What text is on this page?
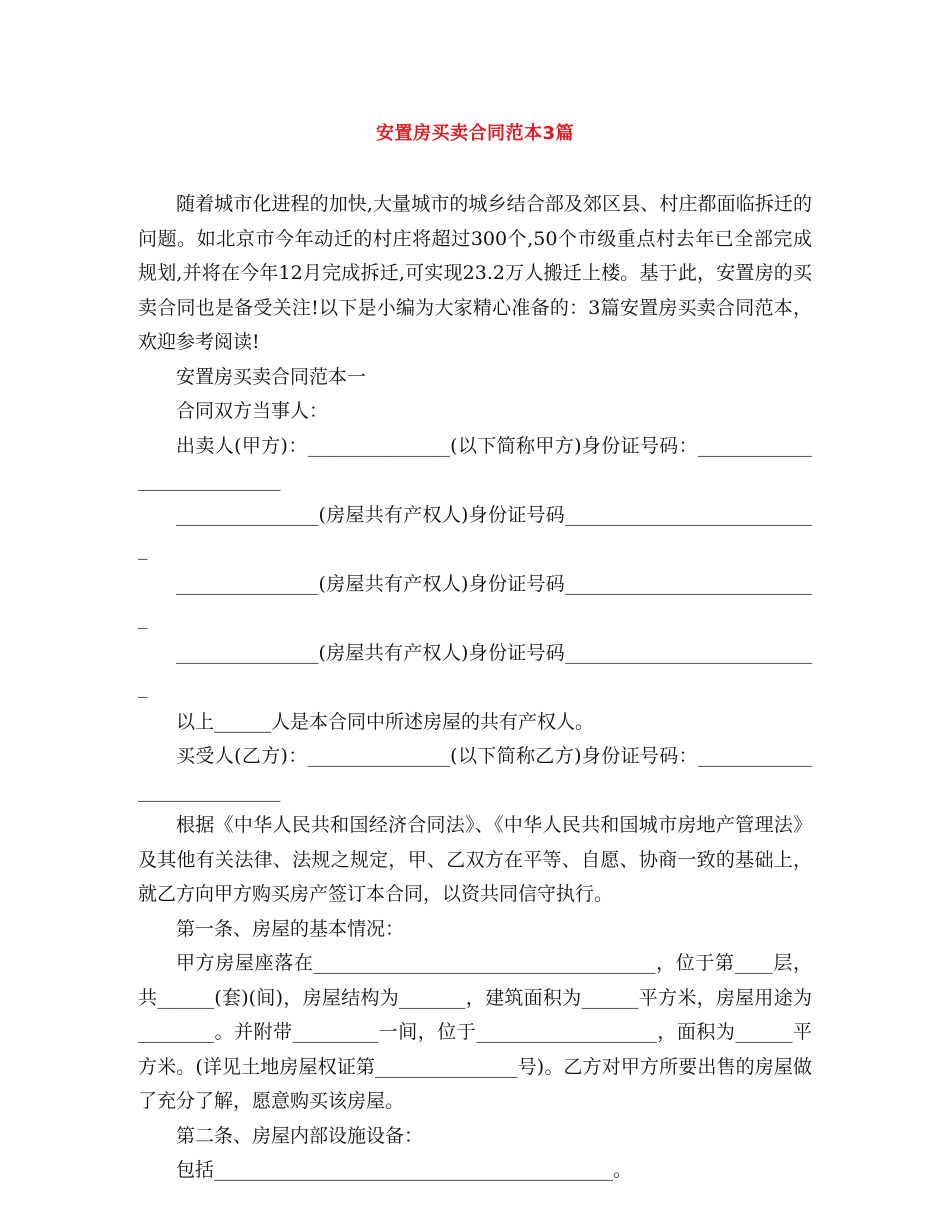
安置房买卖合同范本3篇

随着城市化进程的加快,大量城市的城乡结合部及郊区县、村庄都面临拆迁的问题。如北京市今年动迁的村庄将超过300个,50个市级重点村去年已全部完成规划,并将在今年12月完成拆迁,可实现23.2万人搬迁上楼。基于此，安置房的买卖合同也是备受关注!以下是小编为大家精心准备的：3篇安置房买卖合同范本，欢迎参考阅读!

安置房买卖合同范本一

合同双方当事人：

出卖人(甲方)：_______________(以下简称甲方)身份证号码：___________________________

_______________(房屋共有产权人)身份证号码___________________________

_______________(房屋共有产权人)身份证号码___________________________

_______________(房屋共有产权人)身份证号码___________________________

以上______人是本合同中所述房屋的共有产权人。

买受人(乙方)：_______________(以下简称乙方)身份证号码：___________________________

根据《中华人民共和国经济合同法》、《中华人民共和国城市房地产管理法》及其他有关法律、法规之规定，甲、乙双方在平等、自愿、协商一致的基础上，就乙方向甲方购买房产签订本合同，以资共同信守执行。

第一条、房屋的基本情况：

甲方房屋座落在____________________________________，位于第____层，共______(套)(间)，房屋结构为_______，建筑面积为______平方米，房屋用途为________。并附带_________一间，位于___________________，面积为______平方米。(详见土地房屋权证第_______________号)。乙方对甲方所要出售的房屋做了充分了解，愿意购买该房屋。

第二条、房屋内部设施设备：

包括__________________________________________。
